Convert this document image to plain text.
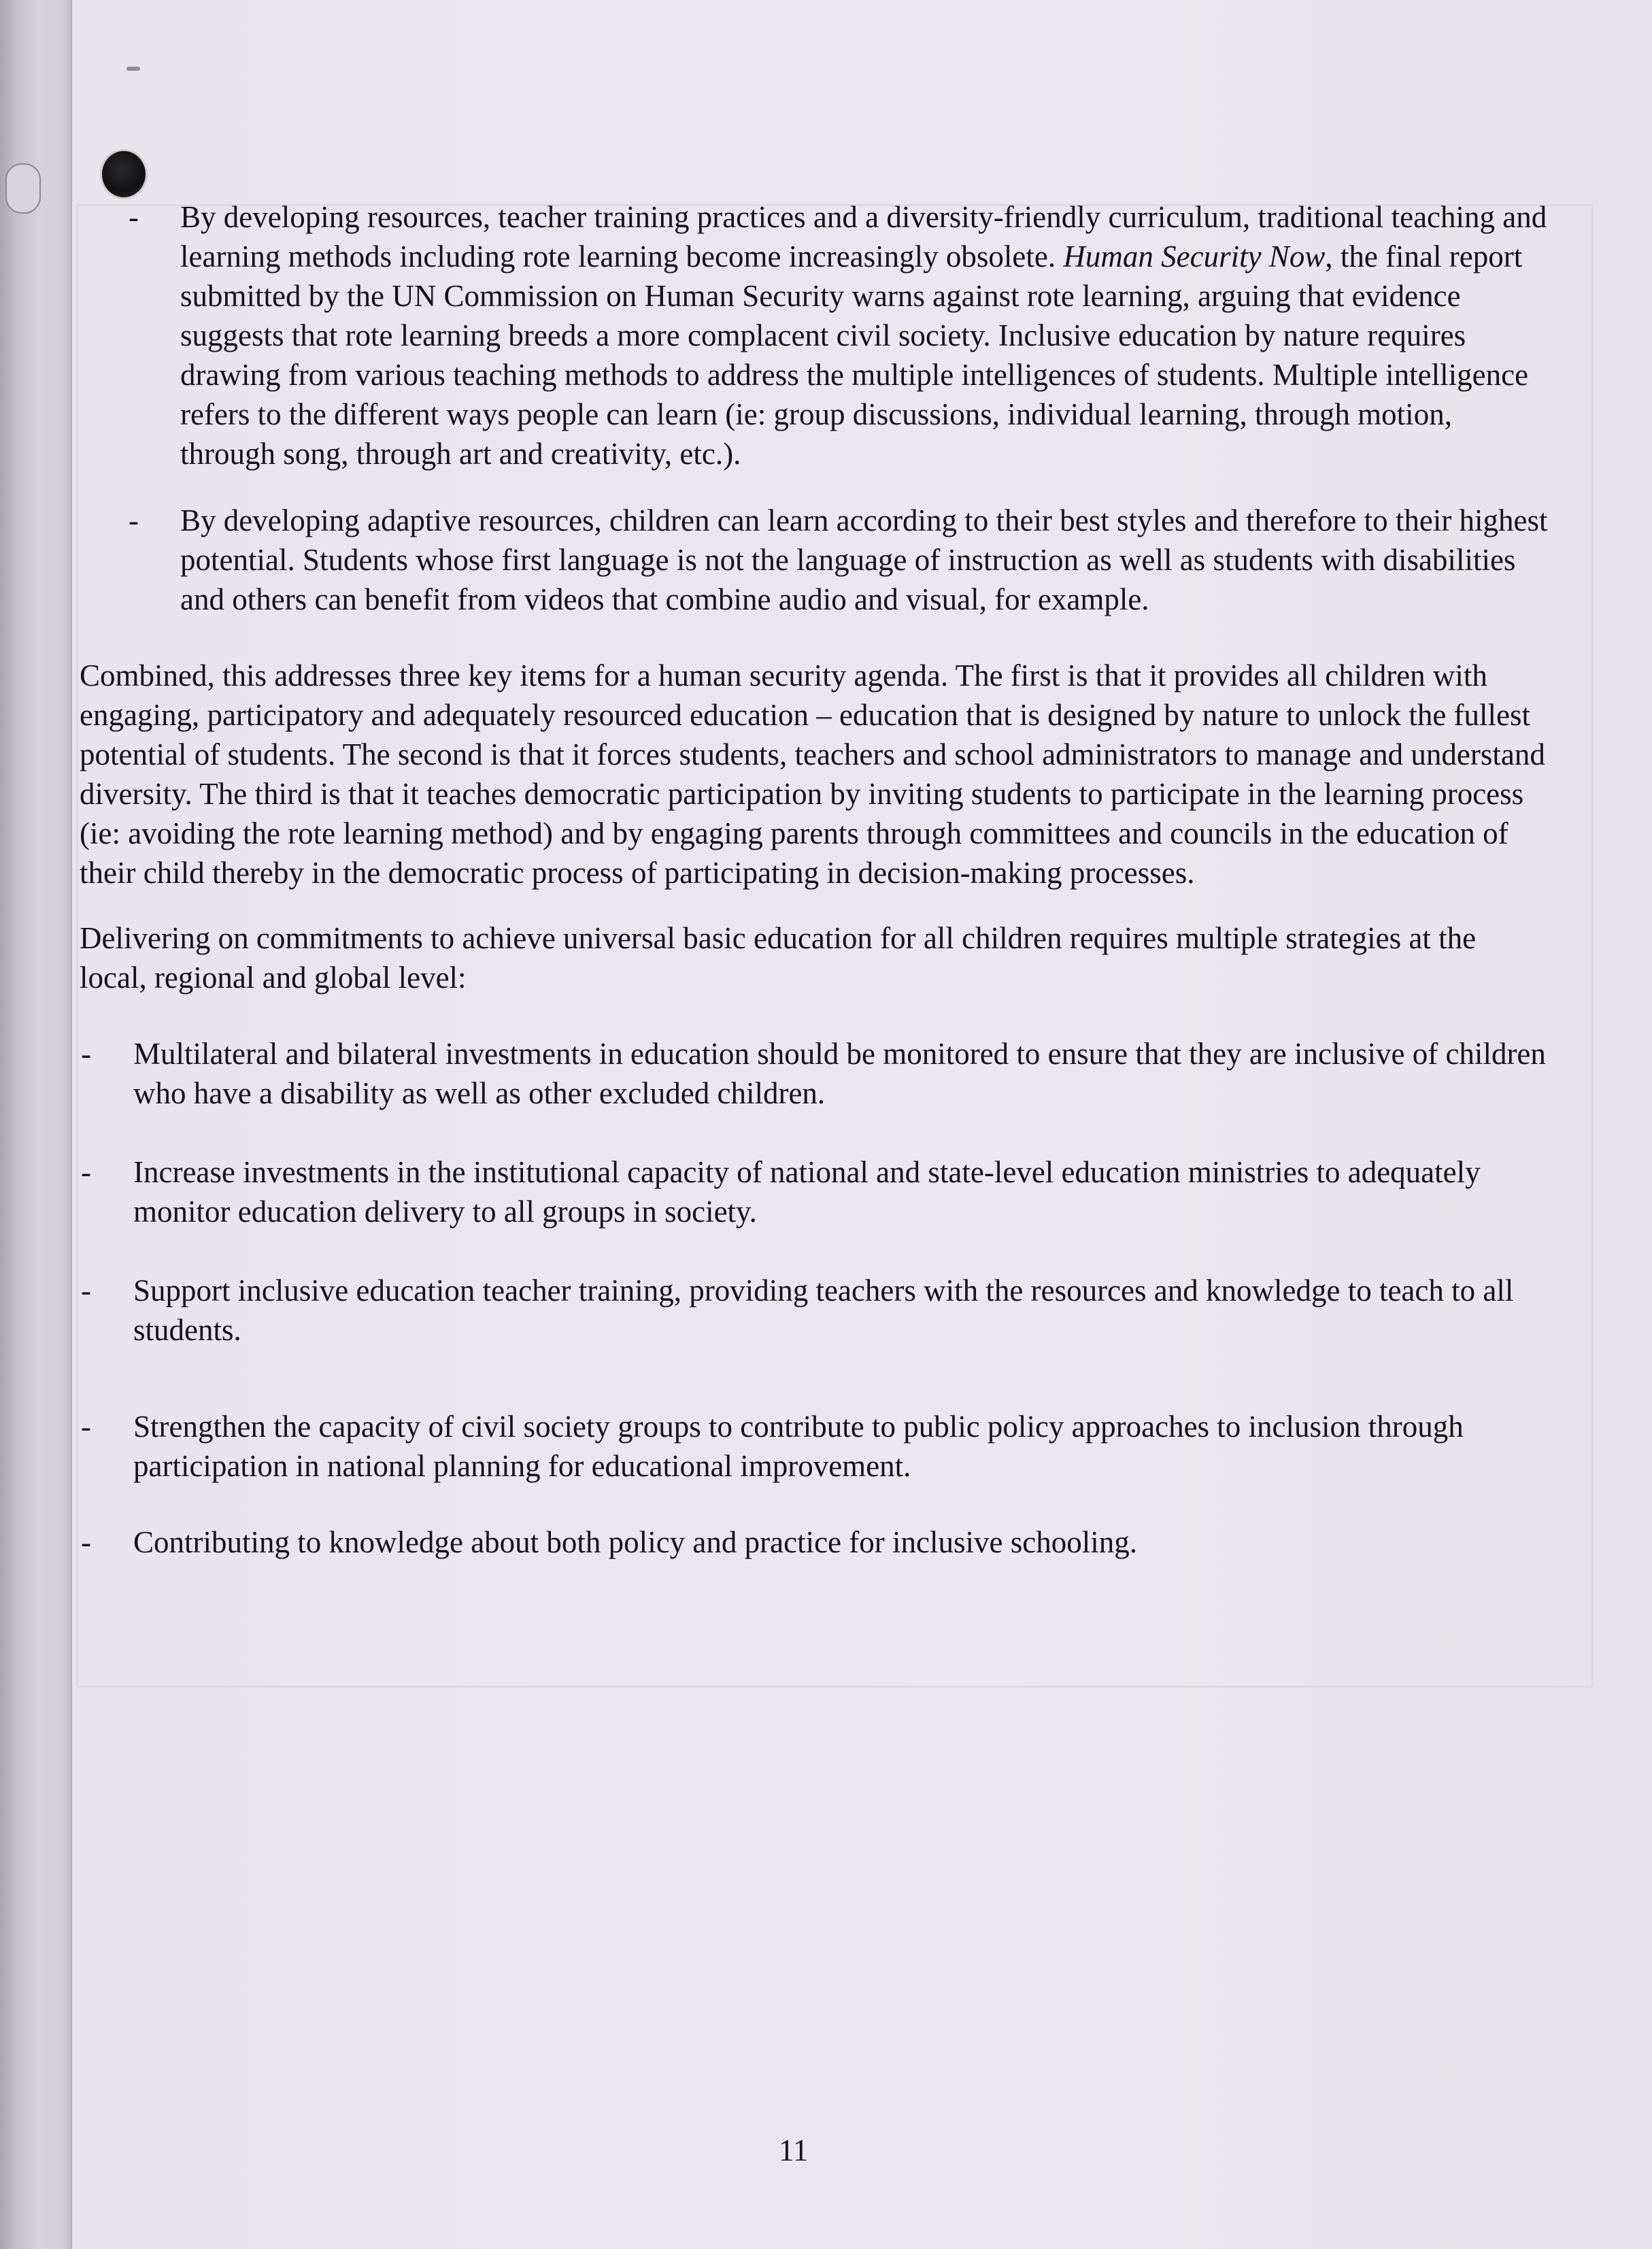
- By developing resources, teacher training practices and a diversity-friendly curriculum, traditional teaching and learning methods including rote learning become increasingly obsolete. Human Security Now, the final report submitted by the UN Commission on Human Security warns against rote learning, arguing that evidence suggests that rote learning breeds a more complacent civil society. Inclusive education by nature requires drawing from various teaching methods to address the multiple intelligences of students. Multiple intelligence refers to the different ways people can learn (ie: group discussions, individual learning, through motion, through song, through art and creativity, etc.).
- By developing adaptive resources, children can learn according to their best styles and therefore to their highest potential. Students whose first language is not the language of instruction as well as students with disabilities and others can benefit from videos that combine audio and visual, for example.

Combined, this addresses three key items for a human security agenda. The first is that it provides all children with engaging, participatory and adequately resourced education – education that is designed by nature to unlock the fullest potential of students. The second is that it forces students, teachers and school administrators to manage and understand diversity. The third is that it teaches democratic participation by inviting students to participate in the learning process (ie: avoiding the rote learning method) and by engaging parents through committees and councils in the education of their child thereby in the democratic process of participating in decision-making processes.

Delivering on commitments to achieve universal basic education for all children requires multiple strategies at the local, regional and global level:

- Multilateral and bilateral investments in education should be monitored to ensure that they are inclusive of children who have a disability as well as other excluded children.
- Increase investments in the institutional capacity of national and state-level education ministries to adequately monitor education delivery to all groups in society.
- Support inclusive education teacher training, providing teachers with the resources and knowledge to teach to all students.
- Strengthen the capacity of civil society groups to contribute to public policy approaches to inclusion through participation in national planning for educational improvement.
- Contributing to knowledge about both policy and practice for inclusive schooling.
11
